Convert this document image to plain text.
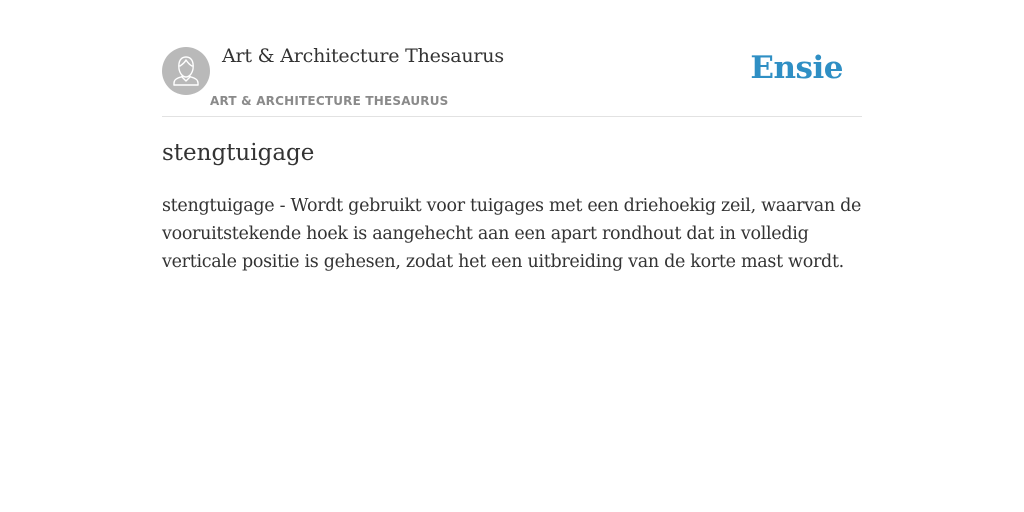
Art & Architecture Thesaurus
ART & ARCHITECTURE THESAURUS
Ensie
stengtuigage

stengtuigage - Wordt gebruikt voor tuigages met een driehoekig zeil, waarvan de vooruitstekende hoek is aangehecht aan een apart rondhout dat in volledig verticale positie is gehesen, zodat het een uitbreiding van de korte mast wordt.
